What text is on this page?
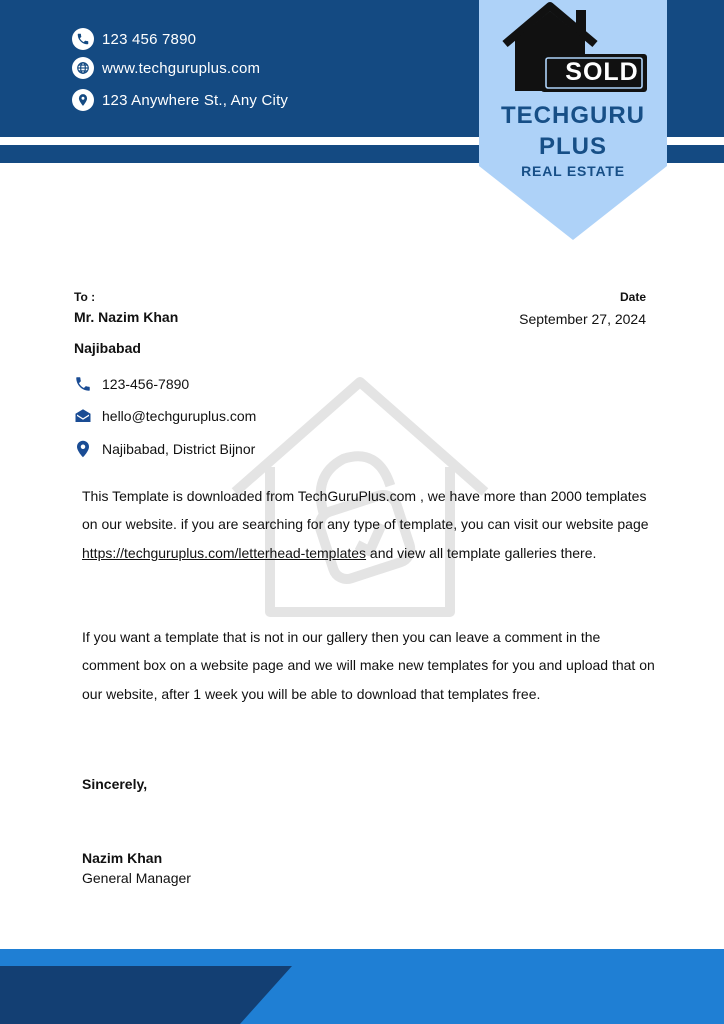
123 456 7890
www.techguruplus.com
123 Anywhere St., Any City
SOLD
TECHGURU
PLUS
REAL ESTATE
To :
Mr. Nazim Khan
Najibabad
Date
September 27, 2024
123-456-7890
hello@techguruplus.com
Najibabad, District Bijnor
This Template is downloaded from TechGuruPlus.com , we have more than 2000 templates on our website. if you are searching for any type of template, you can visit our website page https://techguruplus.com/letterhead-templates and view all template galleries there.
If you want a template that is not in our gallery then you can leave a comment in the comment box on a website page and we will make new templates for you and upload that on our website, after 1 week you will be able to download that templates free.
Sincerely,
Nazim Khan
General Manager
